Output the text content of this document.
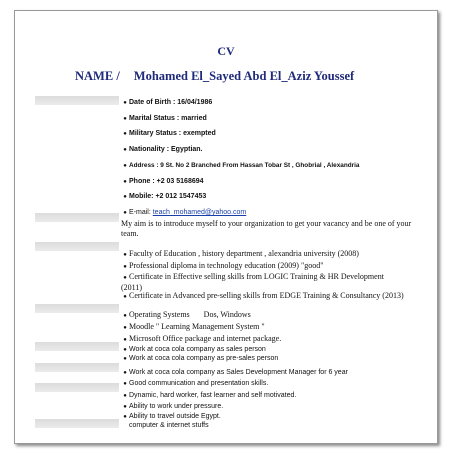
CV
NAME / Mohamed El_Sayed Abd El_Aziz Youssef
● Date of Birth : 16/04/1986
● Marital Status : married
● Military Status : exempted
● Nationality : Egyptian.
● Address : 9 St. No 2 Branched From Hassan Tobar St , Ghobrial , Alexandria
● Phone : +2 03 5168694
● Mobile: +2 012 1547453
● E-mail: teach_mohamed@yahoo.com
My aim is to introduce myself to your organization to get your vacancy and be one of your team.
● Faculty of Education , history department , alexandria university (2008)
● Professional diploma in technology education (2009) "good"
● Certificate in Effective selling skills from LOGIC Training & HR Development (2011)
● Certificate in Advanced pre-selling skills from EDGE Training & Consultancy (2013)
● Operating Systems Dos, Windows
● Moodle " Learning Management System "
● Microsoft Office package and internet package.
● Work at coca cola company as sales person
● Work at coca cola company as pre-sales person
● Work at coca cola company as Sales Development Manager for 6 year
● Good communication and presentation skills.
● Dynamic, hard worker, fast learner and self motivated.
● Ability to work under pressure.
● Ability to travel outside Egypt.
computer & internet stuffs
